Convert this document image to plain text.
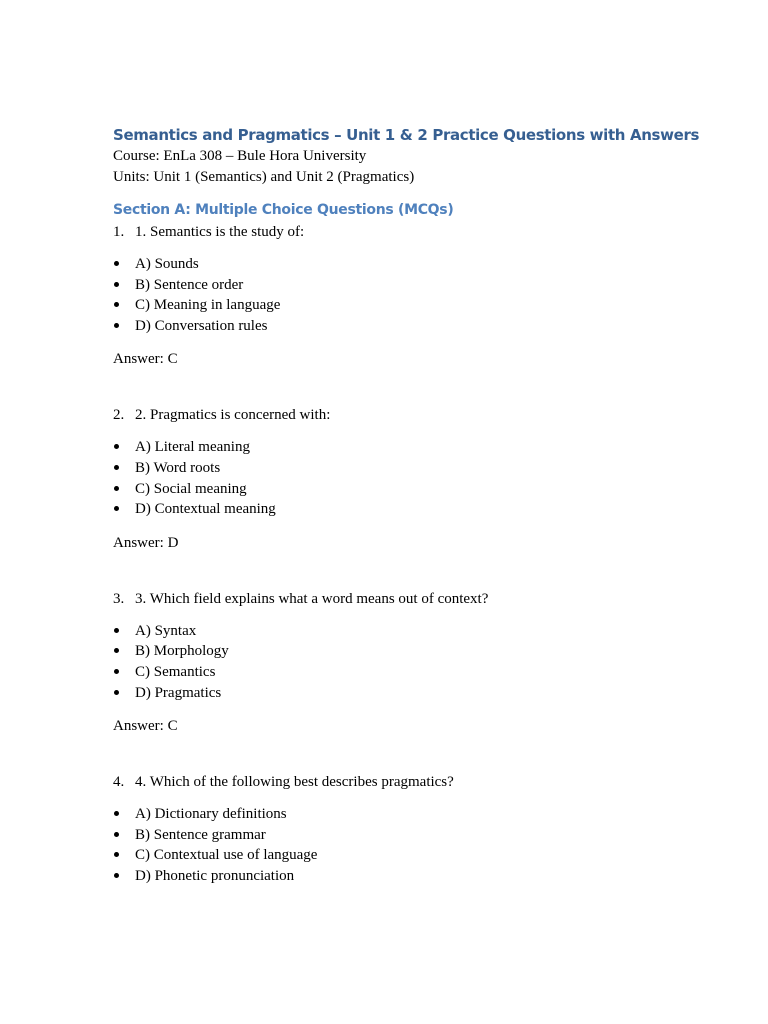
Semantics and Pragmatics – Unit 1 & 2 Practice Questions with Answers

Course: EnLa 308 – Bule Hora University

Units: Unit 1 (Semantics) and Unit 2 (Pragmatics)

Section A: Multiple Choice Questions (MCQs)
1. 1. Semantics is the study of:
A) Sounds
B) Sentence order
C) Meaning in language
D) Conversation rules

Answer: C

2. 2. Pragmatics is concerned with:
A) Literal meaning
B) Word roots
C) Social meaning
D) Contextual meaning

Answer: D

3. 3. Which field explains what a word means out of context?
A) Syntax
B) Morphology
C) Semantics
D) Pragmatics

Answer: C

4. 4. Which of the following best describes pragmatics?
A) Dictionary definitions
B) Sentence grammar
C) Contextual use of language
D) Phonetic pronunciation
